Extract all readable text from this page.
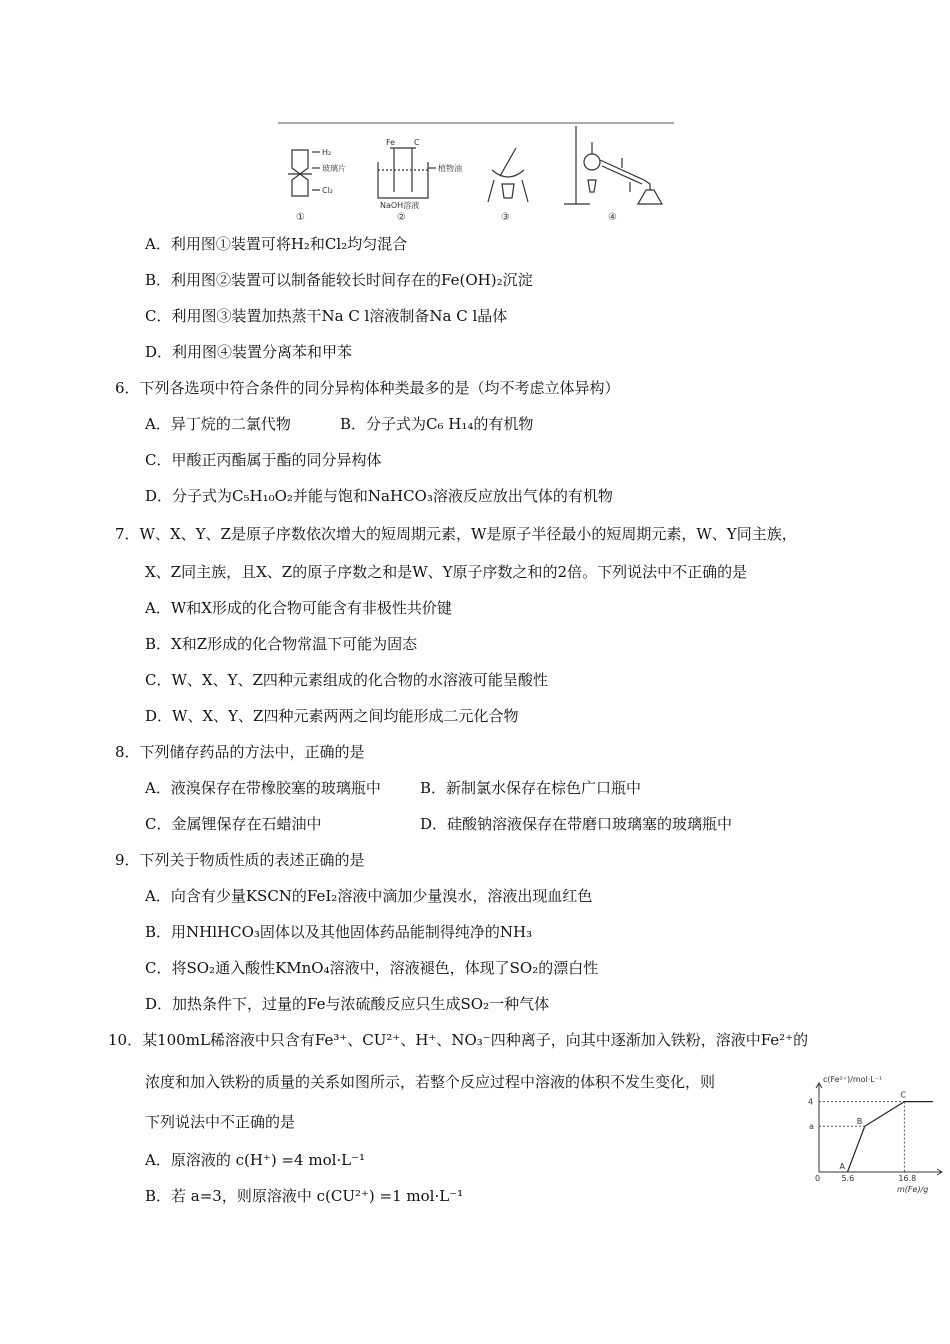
H₂
玻璃片
Cl₂
①
Fe C
植物油
NaOH溶液
②	③	④
A．利用图①装置可将H₂和Cl₂均匀混合
B．利用图②装置可以制备能较长时间存在的Fe(OH)₂沉淀
C．利用图③装置加热蒸干Na C l溶液制备Na C l晶体
D．利用图④装置分离苯和甲苯
6．下列各选项中符合条件的同分异构体种类最多的是（均不考虑立体异构）
A．异丁烷的二氯代物	B．分子式为C₆ H₁₄的有机物
C．甲酸正丙酯属于酯的同分异构体
D．分子式为C₅H₁₀O₂并能与饱和NaHCO₃溶液反应放出气体的有机物
7．W、X、Y、Z是原子序数依次增大的短周期元素，W是原子半径最小的短周期元素，W、Y同主族，
X、Z同主族，且X、Z的原子序数之和是W、Y原子序数之和的2倍。下列说法中不正确的是
A．W和X形成的化合物可能含有非极性共价键
B．X和Z形成的化合物常温下可能为固态
C．W、X、Y、Z四种元素组成的化合物的水溶液可能呈酸性
D．W、X、Y、Z四种元素两两之间均能形成二元化合物
8．下列储存药品的方法中，正确的是
A．液溴保存在带橡胶塞的玻璃瓶中	B．新制氯水保存在棕色广口瓶中
C．金属锂保存在石蜡油中	D．硅酸钠溶液保存在带磨口玻璃塞的玻璃瓶中
9．下列关于物质性质的表述正确的是
A．向含有少量KSCN的FeI₂溶液中滴加少量溴水，溶液出现血红色
B．用NHlHCO₃固体以及其他固体药品能制得纯净的NH₃
C．将SO₂通入酸性KMnO₄溶液中，溶液褪色，体现了SO₂的漂白性
D．加热条件下，过量的Fe与浓硫酸反应只生成SO₂一种气体
10．某100mL稀溶液中只含有Fe³⁺、CU²⁺、H⁺、NO₃⁻四种离子，向其中逐渐加入铁粉，溶液中Fe²⁺的
浓度和加入铁粉的质量的关系如图所示，若整个反应过程中溶液的体积不发生变化，则
下列说法中不正确的是
A．原溶液的 c(H⁺) =4 mol·L⁻¹
B．若 a=3，则原溶液中 c(CU²⁺) =1 mol·L⁻¹
c(Fe²⁺)/mol·L⁻¹
m(Fe)/g
4
a
0	5.6	16.8
A
B
C
